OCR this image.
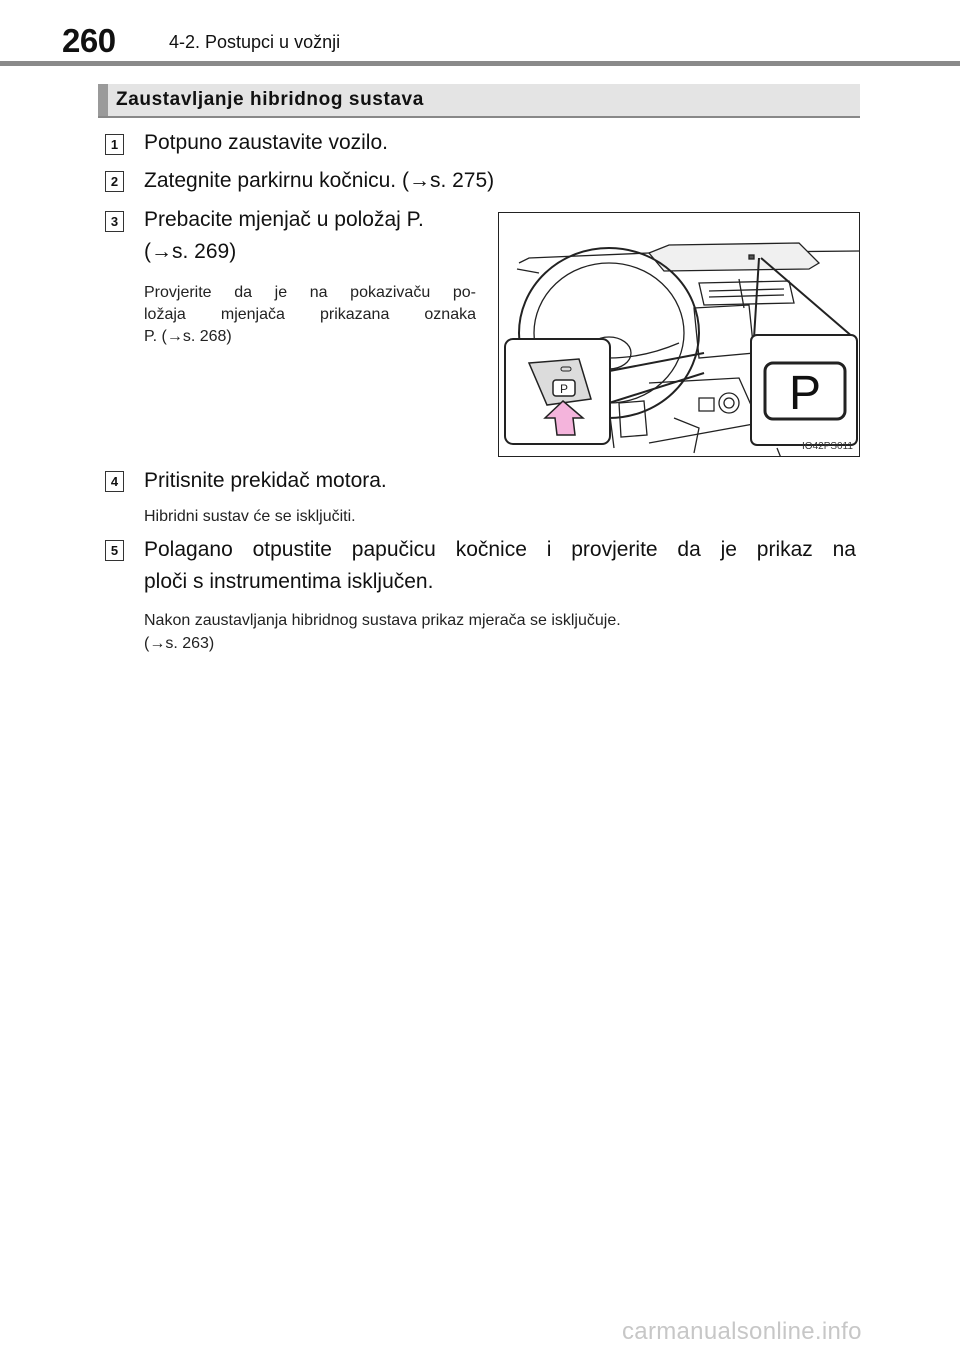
260	4-2. Postupci u vožnji
Zaustavljanje hibridnog sustava
1 Potpuno zaustavite vozilo.
2 Zategnite parkirnu kočnicu. (→s. 275)
3 Prebacite mjenjač u položaj P.
(→s. 269)
Provjerite da je na pokazivaču po-
ložaja mjenjača prikazana oznaka
P. (→s. 268)
P	P
IO42PS011
4 Pritisnite prekidač motora.
Hibridni sustav će se isključiti.
5 Polagano otpustite papučicu kočnice i provjerite da je prikaz na
ploči s instrumentima isključen.
Nakon zaustavljanja hibridnog sustava prikaz mjerača se isključuje.
(→s. 263)
carmanualsonline.info
